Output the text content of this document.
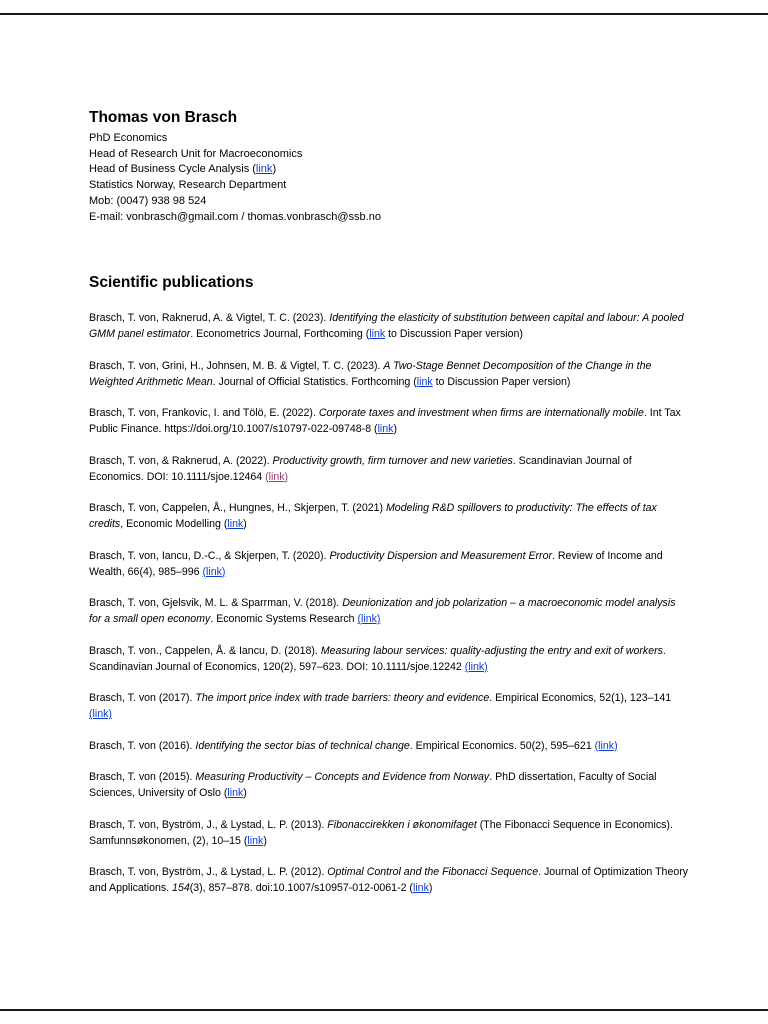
Thomas von Brasch
PhD Economics
Head of Research Unit for Macroeconomics
Head of Business Cycle Analysis (link)
Statistics Norway, Research Department
Mob: (0047) 938 98 524
E-mail: vonbrasch@gmail.com / thomas.vonbrasch@ssb.no
Scientific publications
Brasch, T. von, Raknerud, A. & Vigtel, T. C. (2023). Identifying the elasticity of substitution between capital and labour: A pooled GMM panel estimator. Econometrics Journal, Forthcoming (link to Discussion Paper version)
Brasch, T. von, Grini, H., Johnsen, M. B. & Vigtel, T. C. (2023). A Two-Stage Bennet Decomposition of the Change in the Weighted Arithmetic Mean. Journal of Official Statistics. Forthcoming (link to Discussion Paper version)
Brasch, T. von, Frankovic, I. and Tölö, E. (2022). Corporate taxes and investment when firms are internationally mobile. Int Tax Public Finance. https://doi.org/10.1007/s10797-022-09748-8 (link)
Brasch, T. von, & Raknerud, A. (2022). Productivity growth, firm turnover and new varieties. Scandinavian Journal of Economics. DOI: 10.1111/sjoe.12464 (link)
Brasch, T. von, Cappelen, Å., Hungnes, H., Skjerpen, T. (2021) Modeling R&D spillovers to productivity: The effects of tax credits, Economic Modelling (link)
Brasch, T. von, Iancu, D.-C., & Skjerpen, T. (2020). Productivity Dispersion and Measurement Error. Review of Income and Wealth, 66(4), 985–996 (link)
Brasch, T. von, Gjelsvik, M. L. & Sparrman, V. (2018). Deunionization and job polarization – a macroeconomic model analysis for a small open economy. Economic Systems Research (link)
Brasch, T. von., Cappelen, Å. & Iancu, D. (2018). Measuring labour services: quality-adjusting the entry and exit of workers. Scandinavian Journal of Economics, 120(2), 597–623. DOI: 10.1111/sjoe.12242 (link)
Brasch, T. von (2017). The import price index with trade barriers: theory and evidence. Empirical Economics, 52(1), 123–141 (link)
Brasch, T. von (2016). Identifying the sector bias of technical change. Empirical Economics. 50(2), 595–621 (link)
Brasch, T. von (2015). Measuring Productivity – Concepts and Evidence from Norway. PhD dissertation, Faculty of Social Sciences, University of Oslo (link)
Brasch, T. von, Byström, J., & Lystad, L. P. (2013). Fibonaccirekken i økonomifaget (The Fibonacci Sequence in Economics). Samfunnsøkonomen, (2), 10–15 (link)
Brasch, T. von, Byström, J., & Lystad, L. P. (2012). Optimal Control and the Fibonacci Sequence. Journal of Optimization Theory and Applications. 154(3), 857–878. doi:10.1007/s10957-012-0061-2 (link)
